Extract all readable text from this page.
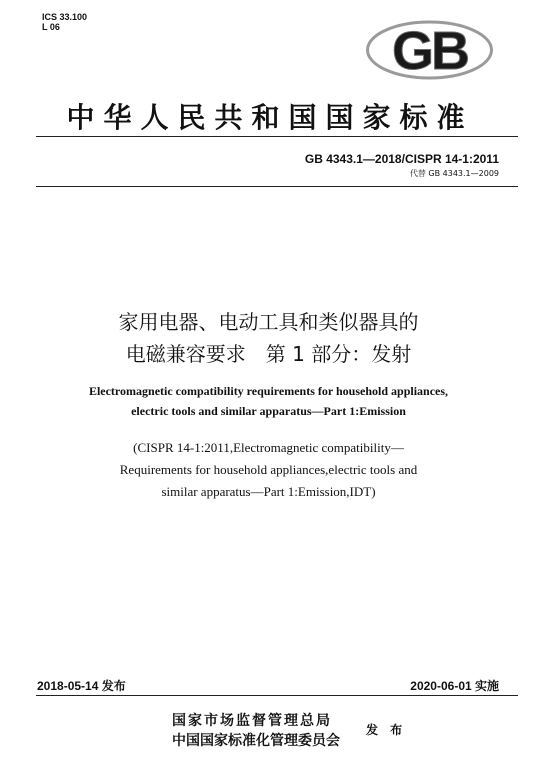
ICS 33.100
L 06	GB
中华人民共和国国家标准
GB 4343.1—2018/CISPR 14-1:2011
代替 GB 4343.1—2009
家用电器、电动工具和类似器具的
电磁兼容要求　第 1 部分：发射
Electromagnetic compatibility requirements for household appliances,
electric tools and similar apparatus—Part 1:Emission
(CISPR 14-1:2011,Electromagnetic compatibility—
Requirements for household appliances,electric tools and
similar apparatus—Part 1:Emission,IDT)
2018-05-14 发布	2020-06-01 实施
国家市场监督管理总局
中国国家标准化管理委员会
发 布
